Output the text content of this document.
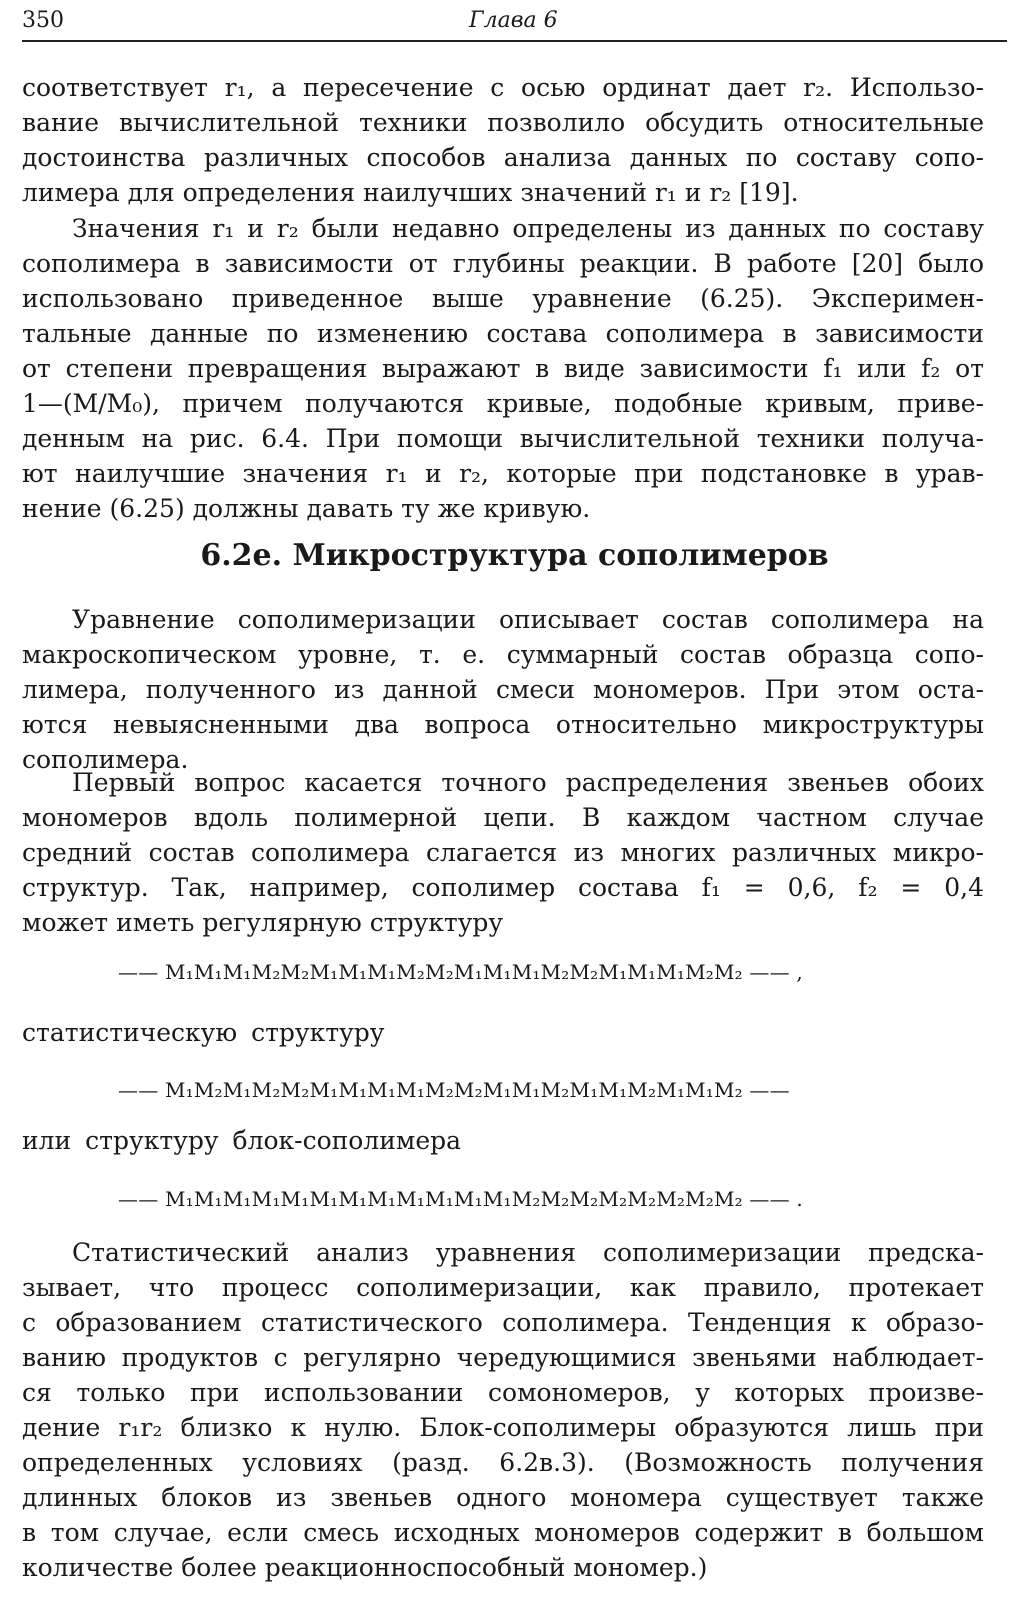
350	Глава 6
соответствует r₁, а пересечение с осью ординат дает r₂. Использо-
вание вычислительной техники позволило обсудить относительные
достоинства различных способов анализа данных по составу сопо-
лимера для определения наилучших значений r₁ и r₂ [19].
Значения r₁ и r₂ были недавно определены из данных по составу
сополимера в зависимости от глубины реакции. В работе [20] было
использовано приведенное выше уравнение (6.25). Эксперимен-
тальные данные по изменению состава сополимера в зависимости
от степени превращения выражают в виде зависимости f₁ или f₂ от
1—(M/M₀), причем получаются кривые, подобные кривым, приве-
денным на рис. 6.4. При помощи вычислительной техники получа-
ют наилучшие значения r₁ и r₂, которые при подстановке в урав-
нение (6.25) должны давать ту же кривую.
6.2е. Микроструктура сополимеров
Уравнение сополимеризации описывает состав сополимера на
макроскопическом уровне, т. е. суммарный состав образца сопо-
лимера, полученного из данной смеси мономеров. При этом оста-
ются невыясненными два вопроса относительно микроструктуры
сополимера.
Первый вопрос касается точного распределения звеньев обоих
мономеров вдоль полимерной цепи. В каждом частном случае
средний состав сополимера слагается из многих различных микро-
структур. Так, например, сополимер состава f₁ = 0,6, f₂ = 0,4
может иметь регулярную структуру
—— M₁M₁M₁M₂M₂M₁M₁M₁M₂M₂M₁M₁M₁M₂M₂M₁M₁M₁M₂M₂ —— ,
статистическую структуру
—— M₁M₂M₁M₂M₂M₁M₁M₁M₁M₂M₂M₁M₁M₂M₁M₁M₂M₁M₁M₂ ——
или структуру блок-сополимера
—— M₁M₁M₁M₁M₁M₁M₁M₁M₁M₁M₁M₁M₂M₂M₂M₂M₂M₂M₂M₂ —— .
Статистический анализ уравнения сополимеризации предска-
зывает, что процесс сополимеризации, как правило, протекает
с образованием статистического сополимера. Тенденция к образо-
ванию продуктов с регулярно чередующимися звеньями наблюдает-
ся только при использовании сомономеров, у которых произве-
дение r₁r₂ близко к нулю. Блок-сополимеры образуются лишь при
определенных условиях (разд. 6.2в.3). (Возможность получения
длинных блоков из звеньев одного мономера существует также
в том случае, если смесь исходных мономеров содержит в большом
количестве более реакционноспособный мономер.)
